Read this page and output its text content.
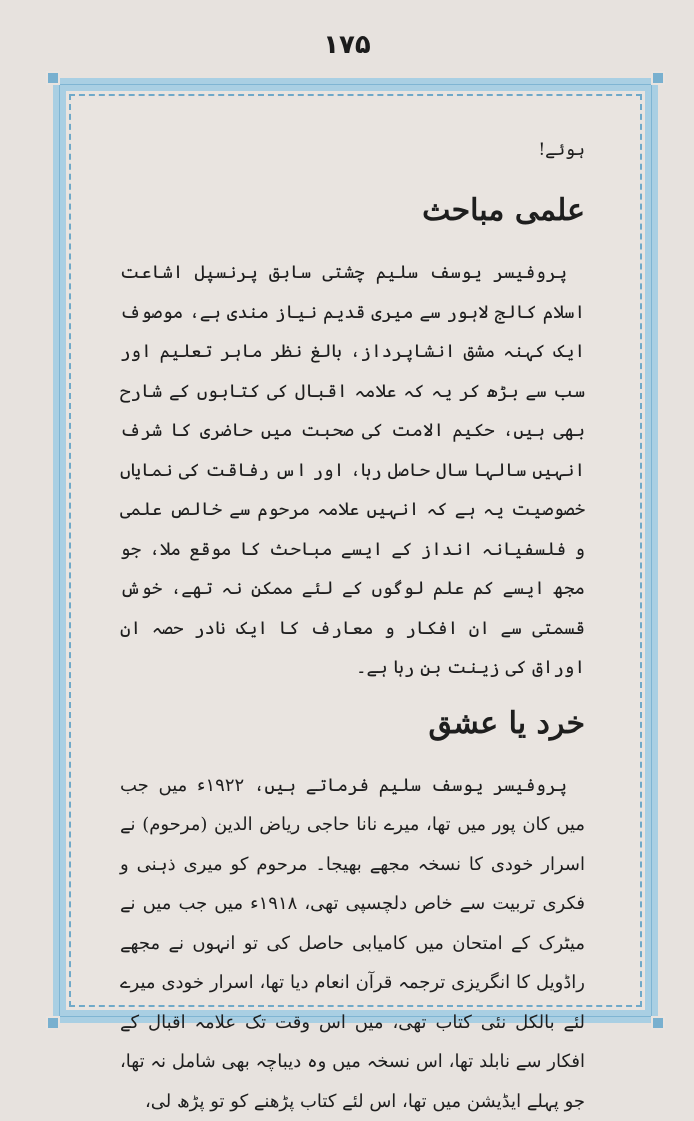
۱۷۵

ہوئے!

علمی مباحث

پروفیسر یوسف سلیم چشتی سابق پرنسپل اشاعت اسلام کالج لاہور سے میری قدیم نیاز مندی ہے، موصوف ایک کہنہ مشق انشاپرداز، بالغ نظر ماہر تعلیم اور سب سے بڑھ کر یہ کہ علامہ اقبال کی کتابوں کے شارح بھی ہیں، حکیم الامت کی صحبت میں حاضری کا شرف انہیں سالہا سال حاصل رہا، اور اس رفاقت کی نمایاں خصوصیت یہ ہے کہ انہیں علامہ مرحوم سے خالص علمی و فلسفیانہ انداز کے ایسے مباحث کا موقع ملا، جو مجھ ایسے کم علم لوگوں کے لئے ممکن نہ تھے، خوش قسمتی سے ان افکار و معارف کا ایک نادر حصہ ان اوراق کی زینت بن رہا ہے۔

خرد یا عشق

پروفیسر یوسف سلیم فرماتے ہیں، ۱۹۲۲ء میں جب میں کان پور میں تھا، میرے نانا حاجی ریاض الدین (مرحوم) نے اسرار خودی کا نسخہ مجھے بھیجا۔ مرحوم کو میری ذہنی و فکری تربیت سے خاص دلچسپی تھی، ۱۹۱۸ء میں جب میں نے میٹرک کے امتحان میں کامیابی حاصل کی تو انہوں نے مجھے راڈویل کا انگریزی ترجمہ قرآن انعام دیا تھا، اسرار خودی میرے لئے بالکل نئی کتاب تھی، میں اس وقت تک علامہ اقبال کے افکار سے نابلد تھا، اس نسخہ میں وہ دیباچہ بھی شامل نہ تھا، جو پہلے ایڈیشن میں تھا، اس لئے کتاب پڑھنے کو تو پڑھ لی،
